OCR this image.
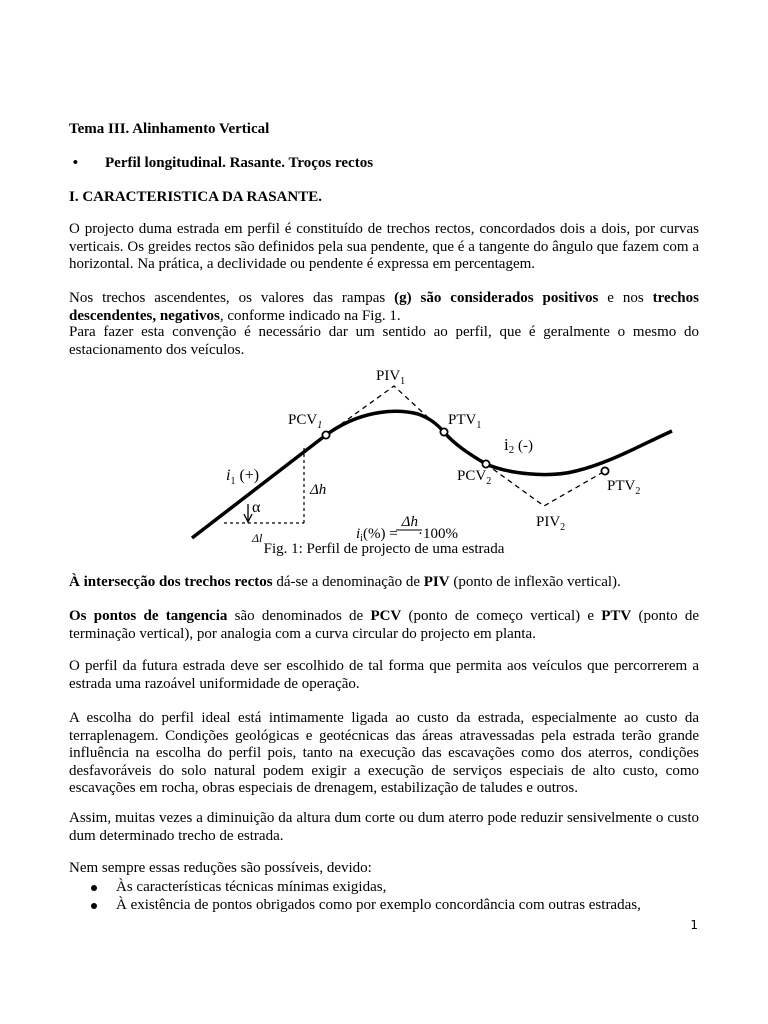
Tema III. Alinhamento Vertical
• Perfil longitudinal. Rasante. Troços rectos
I. CARACTERISTICA DA RASANTE.

O projecto duma estrada em perfil é constituído de trechos rectos, concordados dois a dois, por curvas verticais. Os greides rectos são definidos pela sua pendente, que é a tangente do ângulo que fazem com a horizontal. Na prática, a declividade ou pendente é expressa em percentagem.

Nos trechos ascendentes, os valores das rampas (g) são considerados positivos e nos trechos descendentes, negativos, conforme indicado na Fig. 1.

Para fazer esta convenção é necessário dar um sentido ao perfil, que é geralmente o mesmo do estacionamento dos veículos.

$PIV_1$
$PCV_1$	$PTV_1$
i2 (-)
$i_1$ (+)	$PCV_2$	$PTV_2$
$PIV_2$
α
Δh
Δl	$i_i(\%) =\Delta h\cdot 100\%$
Fig. 1: Perfil de projecto de uma estrada

À intersecção dos trechos rectos dá-se a denominação de PIV (ponto de inflexão vertical).

Os pontos de tangencia são denominados de PCV (ponto de começo vertical) e PTV (ponto de terminação vertical), por analogia com a curva circular do projecto em planta.

O perfil da futura estrada deve ser escolhido de tal forma que permita aos veículos que percorrerem a estrada uma razoável uniformidade de operação.

A escolha do perfil ideal está intimamente ligada ao custo da estrada, especialmente ao custo da terraplenagem. Condições geológicas e geotécnicas das áreas atravessadas pela estrada terão grande influência na escolha do perfil pois, tanto na execução das escavações como dos aterros, condições desfavoráveis do solo natural podem exigir a execução de serviços especiais de alto custo, como escavações em rocha, obras especiais de drenagem, estabilização de taludes e outros.

Assim, muitas vezes a diminuição da altura dum corte ou dum aterro pode reduzir sensivelmente o custo dum determinado trecho de estrada.

Nem sempre essas reduções são possíveis, devido:

Às características técnicas mínimas exigidas,
À existência de pontos obrigados como por exemplo concordância com outras estradas,
1
